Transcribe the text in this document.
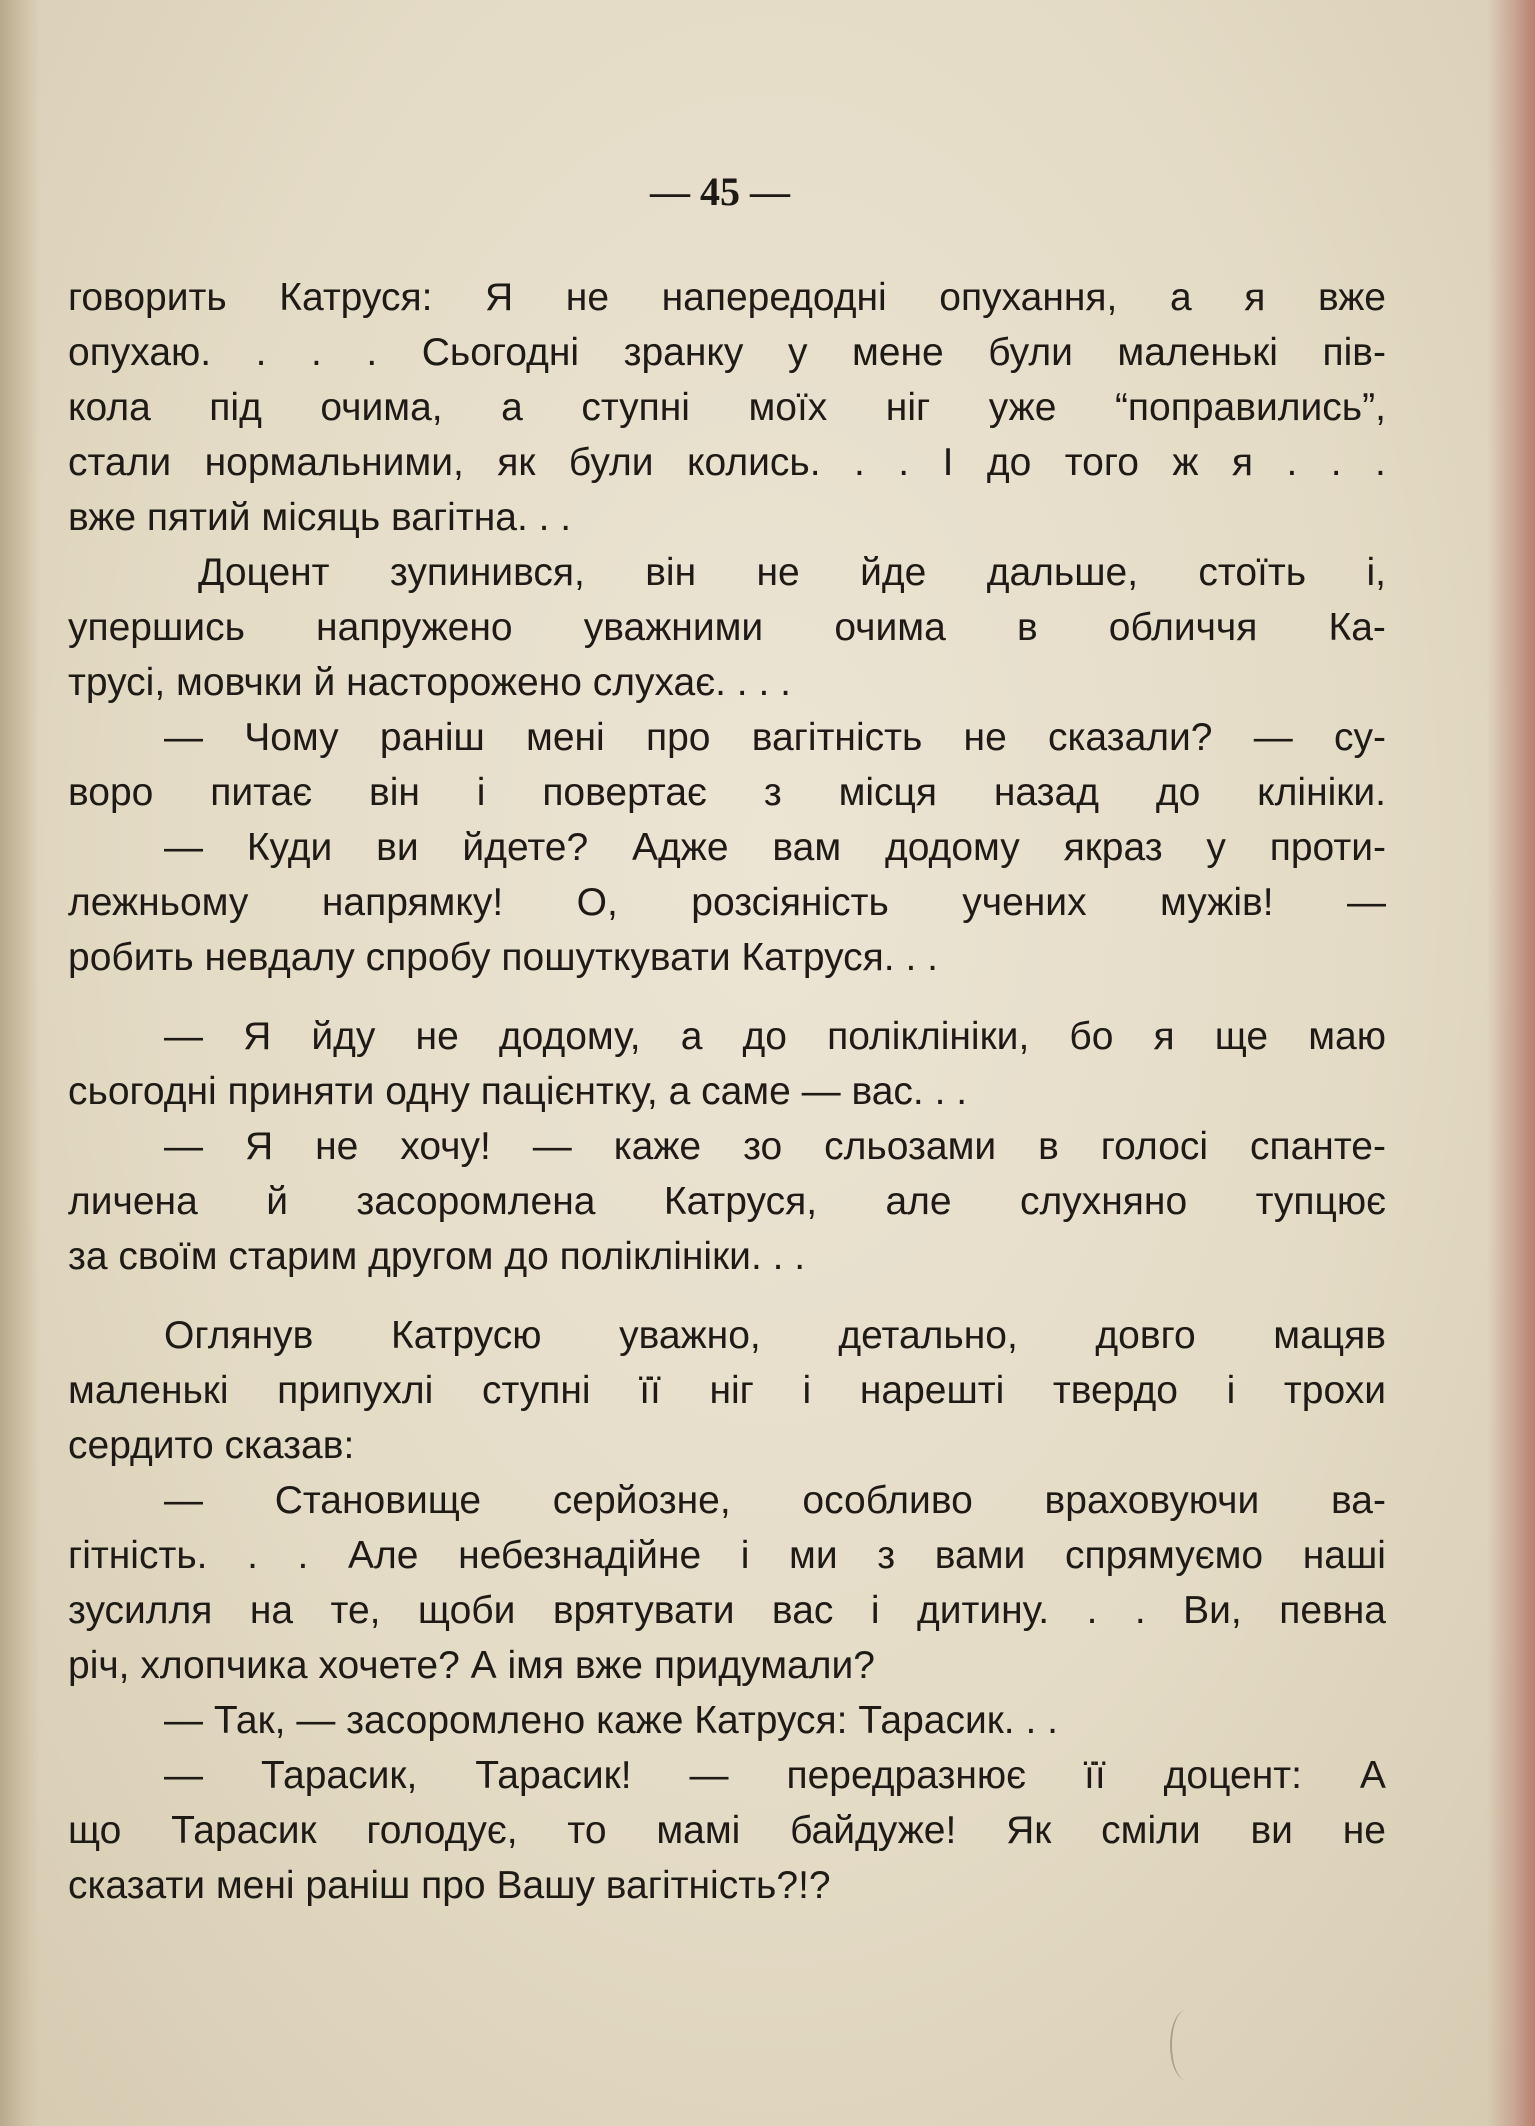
— 45 —
говорить Катруся: Я не напередодні опухання, а я вже
опухаю. . . . Сьогодні зранку у мене були маленькі пів-
кола під очима, а ступні моїх ніг уже “поправились”,
стали нормальними, як були колись. . . І до того ж я . . .
вже пятий місяць вагітна. . .
Доцент зупинився, він не йде дальше, стоїть і,
упершись напружено уважними очима в обличчя Ка-
трусі, мовчки й насторожено слухає. . . .
— Чому раніш мені про вагітність не сказали? — су-
воро питає він і повертає з місця назад до клініки.
— Куди ви йдете? Адже вам додому якраз у проти-
лежньому напрямку! О, розсіяність учених мужів! —
робить невдалу спробу пошуткувати Катруся. . .
— Я йду не додому, а до поліклініки, бо я ще маю
сьогодні приняти одну пацієнтку, а саме — вас. . .
— Я не хочу! — каже зо сльозами в голосі спанте-
личена й засоромлена Катруся, але слухняно тупцює
за своїм старим другом до поліклініки. . .
Оглянув Катрусю уважно, детально, довго мацяв
маленькі припухлі ступні її ніг і нарешті твердо і трохи
сердито сказав:
— Становище серйозне, особливо враховуючи ва-
гітність. . . Але небезнадійне і ми з вами спрямуємо наші
зусилля на те, щоби врятувати вас і дитину. . . Ви, певна
річ, хлопчика хочете? А імя вже придумали?
— Так, — засоромлено каже Катруся: Тарасик. . .
— Тарасик, Тарасик! — передразнює її доцент: А
що Тарасик голодує, то мамі байдуже! Як сміли ви не
сказати мені раніш про Вашу вагітність?!?
